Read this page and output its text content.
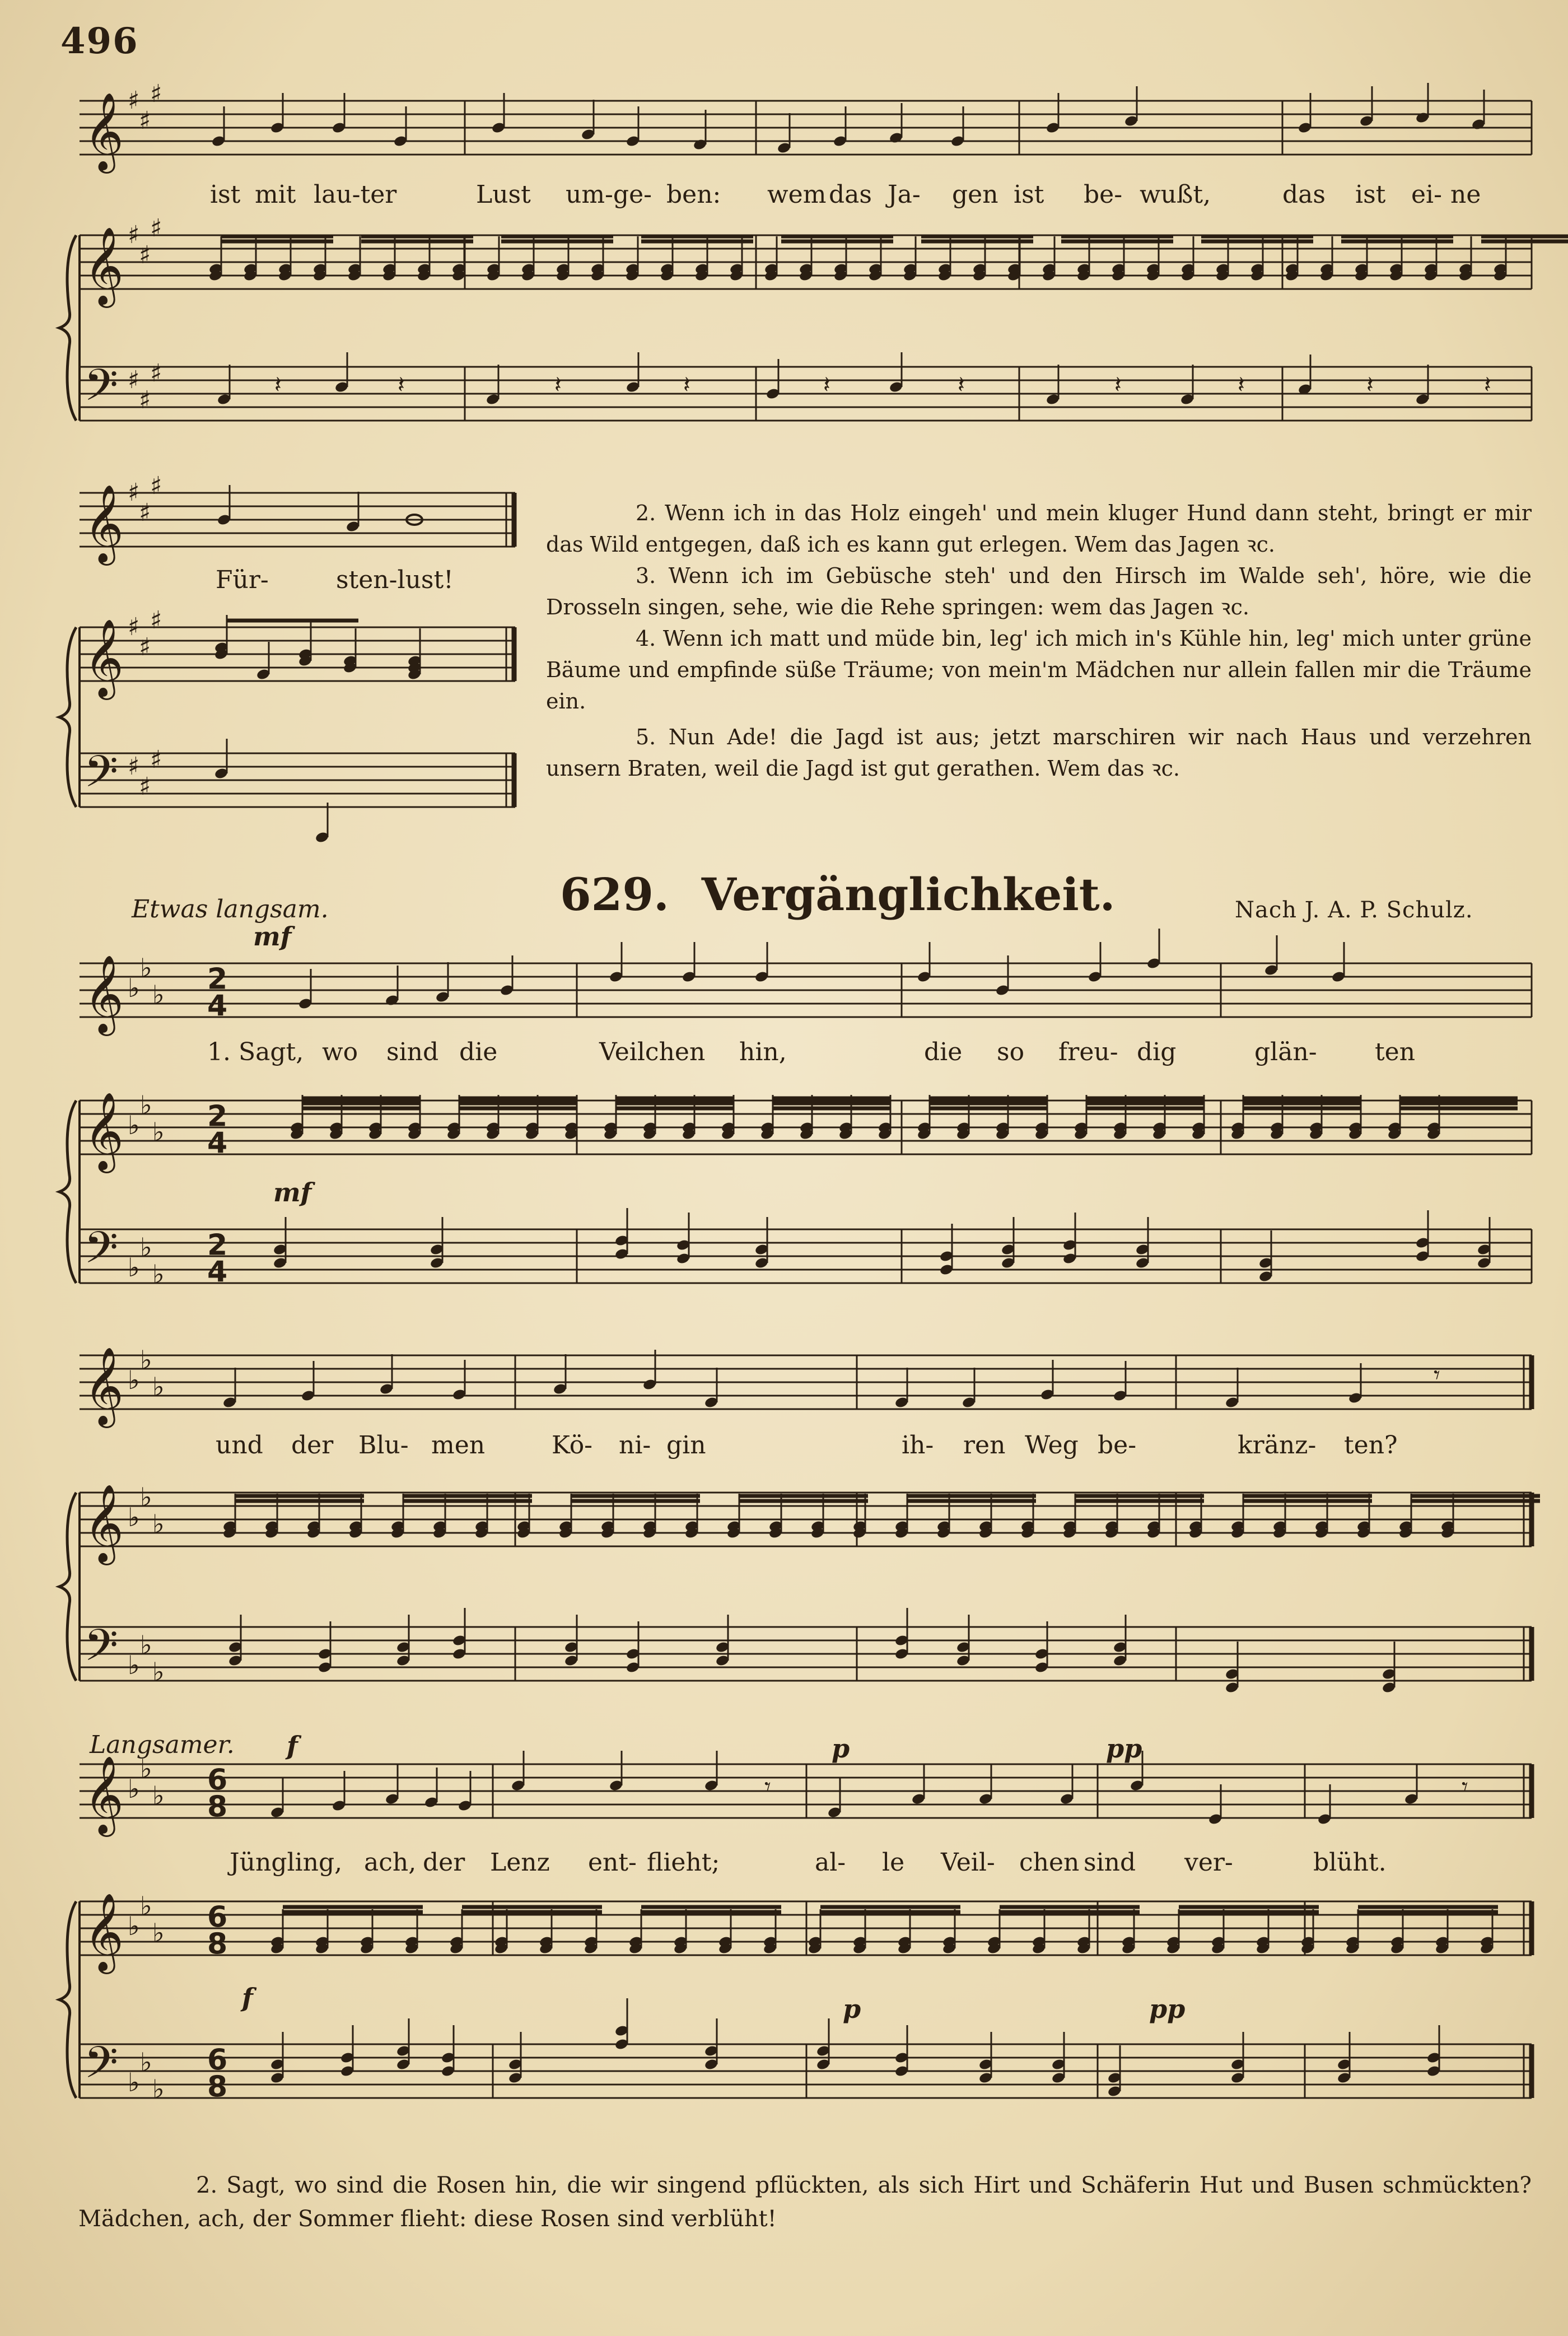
496
𝄞
𝄞
𝄢
♯
♯
♯
♯
♯
♯
♯
♯
♯	𝄽	𝄽	𝄽	𝄽	𝄽	𝄽	𝄽	𝄽	𝄽	𝄽
𝄞
𝄞
𝄢
♯
♯
♯
♯
♯
♯
♯
♯
♯
𝄞
𝄞
𝄢
♭
♭
♭
♭
♭
♭
♭
♭
♭
2
4
2
4
2
4
𝄞
𝄞
𝄢
♭
♭
♭
♭
♭
♭
♭
♭
♭
𝄾
𝄞
𝄞
𝄢
♭
♭
♭
♭
♭
♭
♭
♭
♭
6
8
6
8
6
8
𝄾	𝄾
ist mit lau-ter	Lust um-ge- ben: wem das Ja- gen ist be- wußt,	das ist ei- ne
Für-	sten-lust!

2. Wenn ich in das Holz eingeh' und mein kluger Hund dann steht, bringt er mir das Wild entgegen, daß ich es kann gut erlegen. Wem das Jagen ꝛc.

3. Wenn ich im Gebüsche steh' und den Hirsch im Walde seh', höre, wie die Drosseln singen, sehe, wie die Rehe springen: wem das Jagen ꝛc.

4. Wenn ich matt und müde bin, leg' ich mich in's Kühle hin, leg' mich unter grüne Bäume und empfinde süße Träume; von mein'm Mädchen nur allein fallen mir die Träume ein.

5. Nun Ade! die Jagd ist aus; jetzt marschiren wir nach Haus und verzehren unsern Braten, weil die Jagd ist gut gerathen. Wem das ꝛc.

Etwas langsam.	629. Vergänglichkeit.	Nach J. A. P. Schulz.
mf
mf
1. Sagt, wo sind die	Veilchen hin,	die so freu- dig	glän- ten
und der Blu- men	Kö- ni- gin	ih- ren Weg be-	kränz- ten?
Langsamer. f	p	pp
f	p	pp
Jüngling, ach, der Lenz ent- flieht;	al- le Veil- chen sind ver-	blüht.
2. Sagt, wo sind die Rosen hin, die wir singend pflückten, als sich Hirt und Schäferin Hut und Busen schmückten? Mädchen, ach, der Sommer flieht: diese Rosen sind verblüht!
